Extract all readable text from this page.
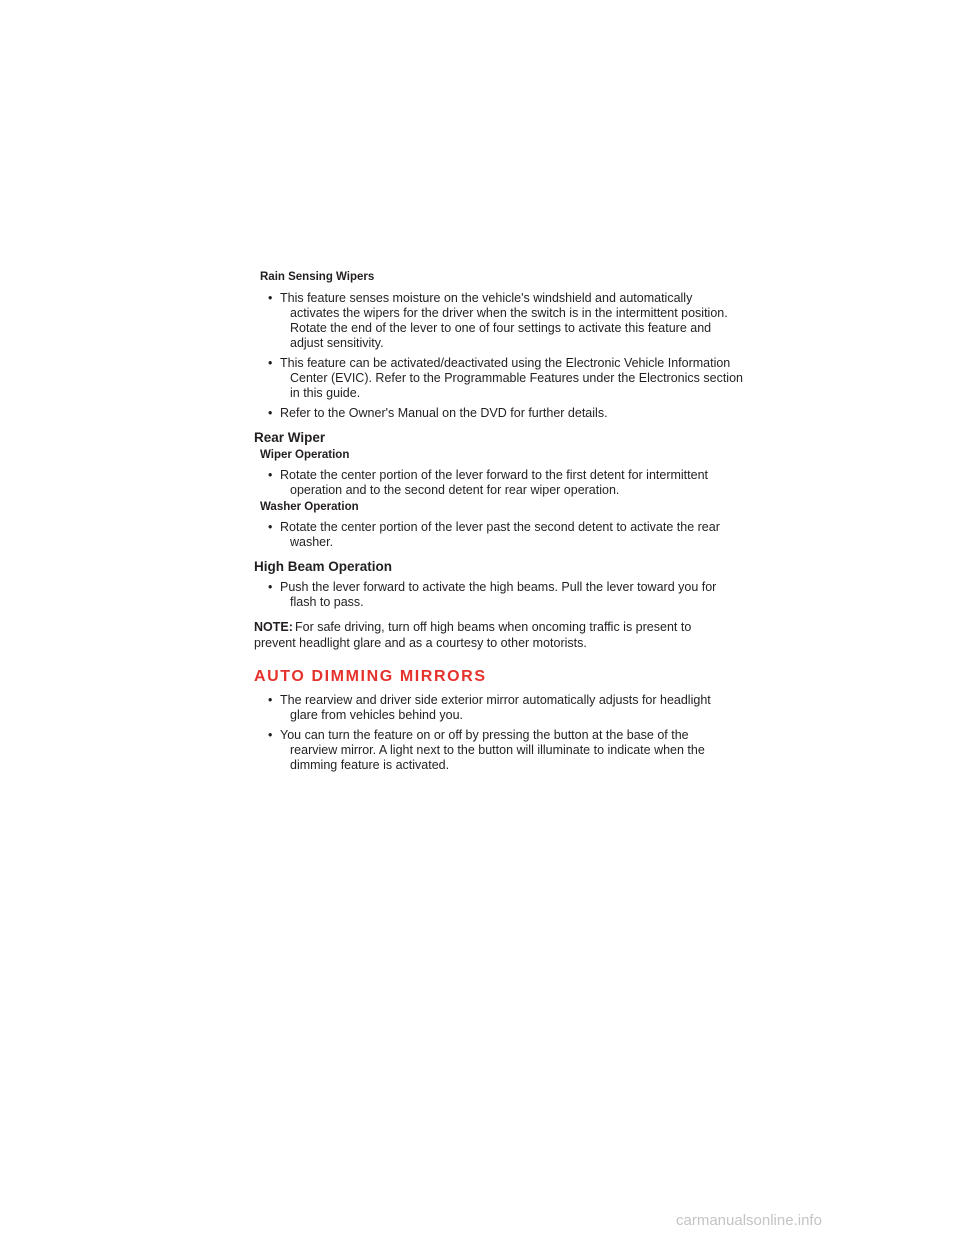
Rain Sensing Wipers
• This feature senses moisture on the vehicle's windshield and automatically
activates the wipers for the driver when the switch is in the intermittent position.
Rotate the end of the lever to one of four settings to activate this feature and
adjust sensitivity.
• This feature can be activated/deactivated using the Electronic Vehicle Information
Center (EVIC). Refer to the Programmable Features under the Electronics section
in this guide.
• Refer to the Owner's Manual on the DVD for further details.
Rear Wiper
Wiper Operation
• Rotate the center portion of the lever forward to the first detent for intermittent
operation and to the second detent for rear wiper operation.
Washer Operation
• Rotate the center portion of the lever past the second detent to activate the rear
washer.
High Beam Operation
• Push the lever forward to activate the high beams. Pull the lever toward you for
flash to pass.
NOTE: For safe driving, turn off high beams when oncoming traffic is present to
prevent headlight glare and as a courtesy to other motorists.
AUTO DIMMING MIRRORS
• The rearview and driver side exterior mirror automatically adjusts for headlight
glare from vehicles behind you.
• You can turn the feature on or off by pressing the button at the base of the
rearview mirror. A light next to the button will illuminate to indicate when the
dimming feature is activated.
carmanualsonline.info
